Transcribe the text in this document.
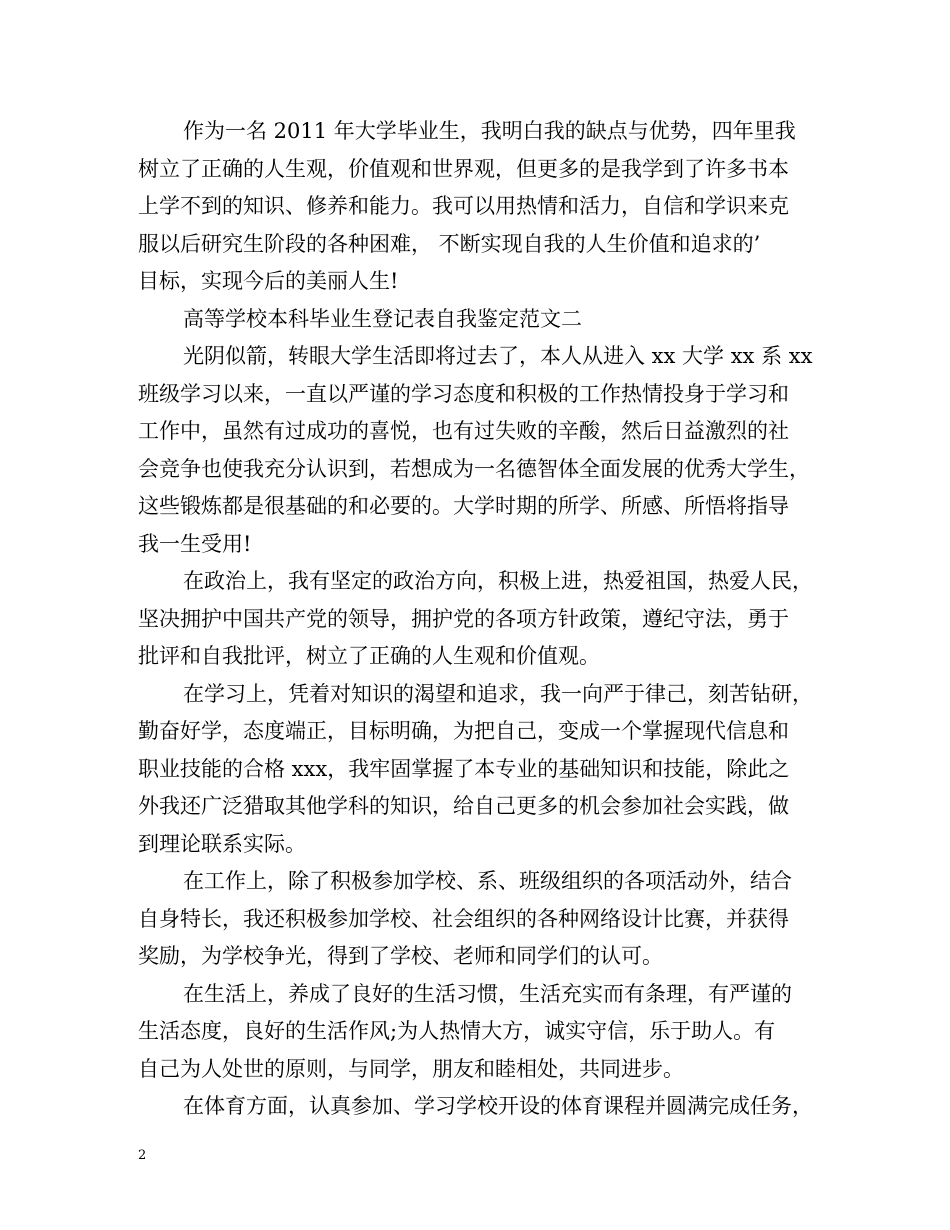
作为一名 2011 年大学毕业生，我明白我的缺点与优势，四年里我
树立了正确的人生观，价值观和世界观，但更多的是我学到了许多书本
上学不到的知识、修养和能力。我可以用热情和活力，自信和学识来克
服以后研究生阶段的各种困难， 不断实现自我的人生价值和追求的’
目标，实现今后的美丽人生!
高等学校本科毕业生登记表自我鉴定范文二
光阴似箭，转眼大学生活即将过去了，本人从进入 xx 大学 xx 系 xx
班级学习以来，一直以严谨的学习态度和积极的工作热情投身于学习和
工作中，虽然有过成功的喜悦，也有过失败的辛酸，然后日益激烈的社
会竞争也使我充分认识到，若想成为一名德智体全面发展的优秀大学生，
这些锻炼都是很基础的和必要的。大学时期的所学、所感、所悟将指导
我一生受用!
在政治上，我有坚定的政治方向，积极上进，热爱祖国，热爱人民，
坚决拥护中国共产党的领导，拥护党的各项方针政策，遵纪守法，勇于
批评和自我批评，树立了正确的人生观和价值观。
在学习上，凭着对知识的渴望和追求，我一向严于律己，刻苦钻研，
勤奋好学，态度端正，目标明确，为把自己，变成一个掌握现代信息和
职业技能的合格 xxx，我牢固掌握了本专业的基础知识和技能，除此之
外我还广泛猎取其他学科的知识，给自己更多的机会参加社会实践，做
到理论联系实际。
在工作上，除了积极参加学校、系、班级组织的各项活动外，结合
自身特长，我还积极参加学校、社会组织的各种网络设计比赛，并获得
奖励，为学校争光，得到了学校、老师和同学们的认可。
在生活上，养成了良好的生活习惯，生活充实而有条理，有严谨的
生活态度，良好的生活作风;为人热情大方，诚实守信，乐于助人。有
自己为人处世的原则，与同学，朋友和睦相处，共同进步。
在体育方面，认真参加、学习学校开设的体育课程并圆满完成任务，
2
